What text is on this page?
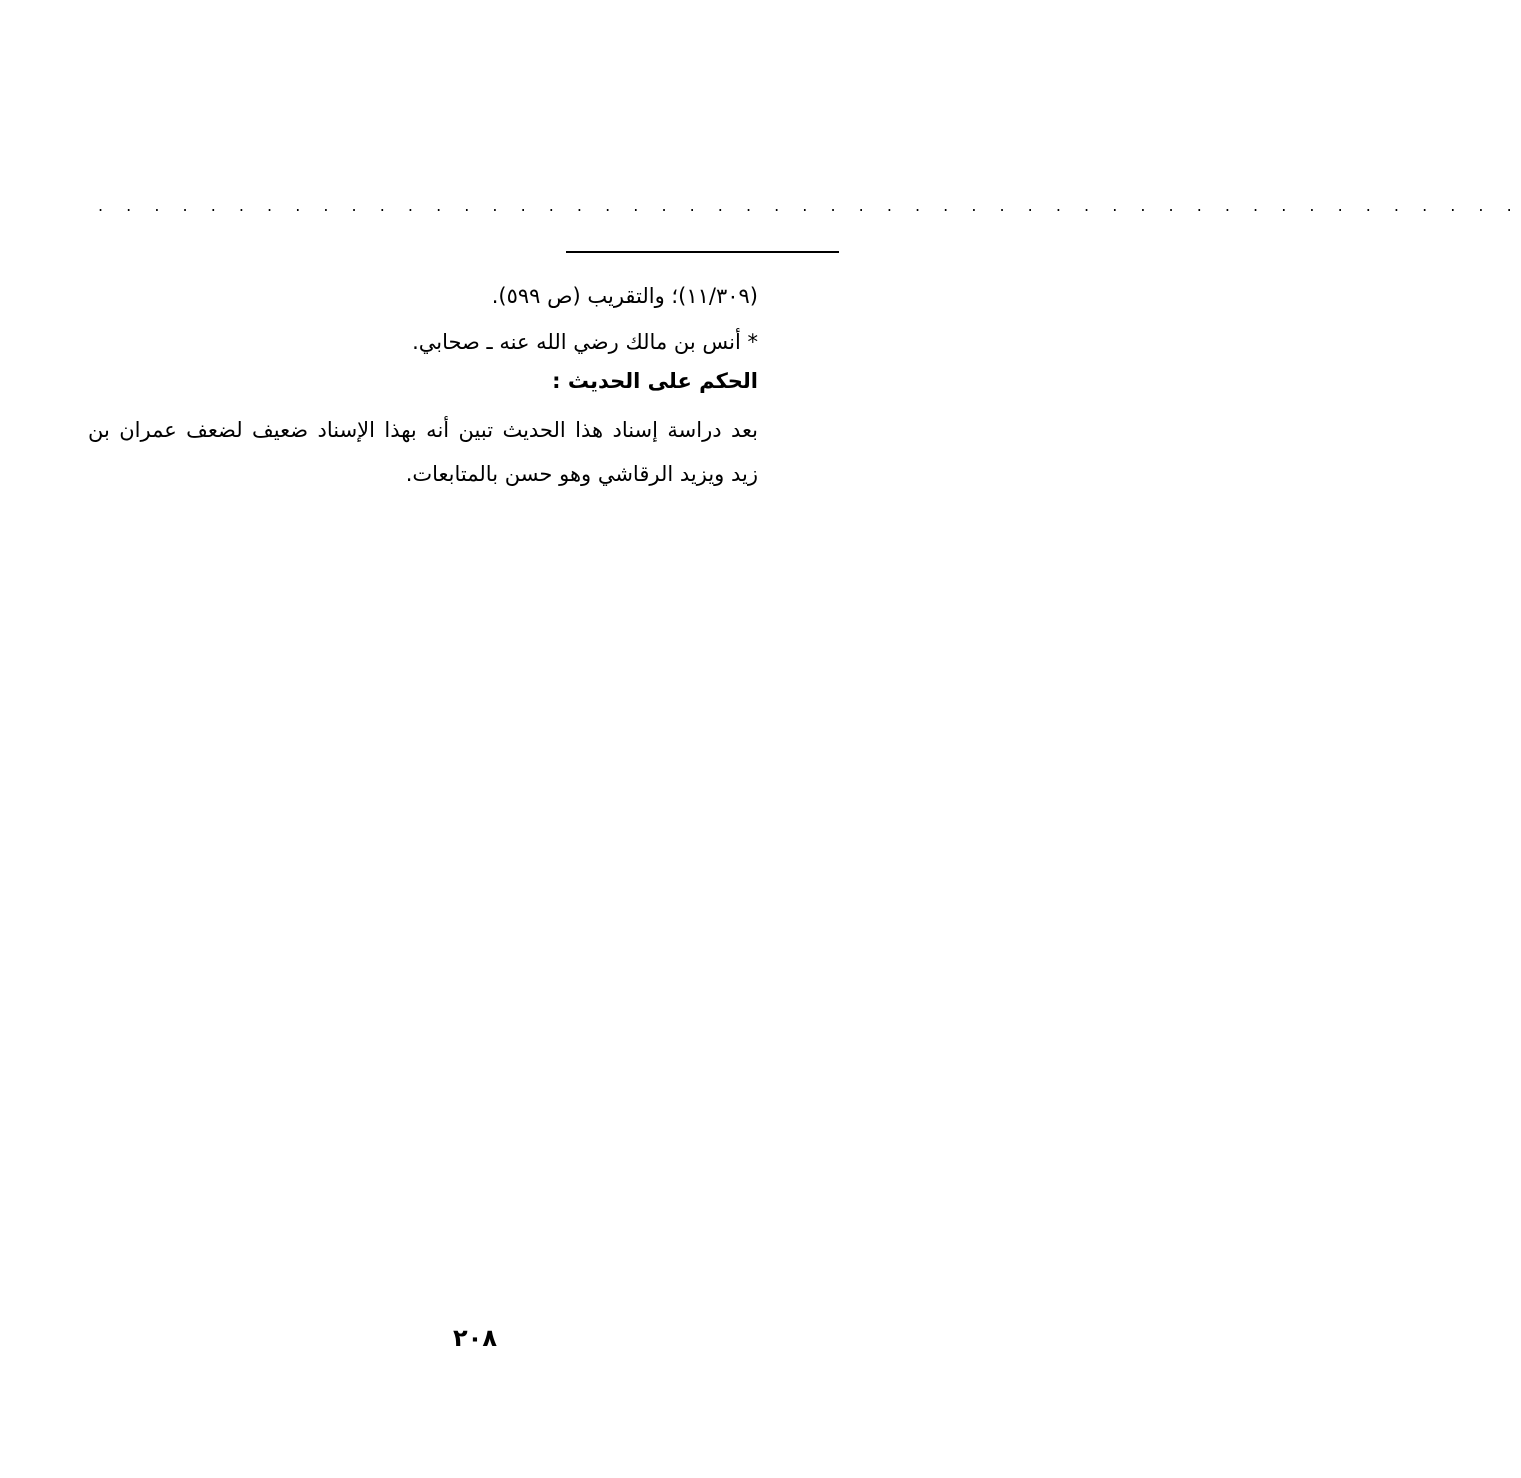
. . . . . . . . . . . . . . . . . . . . . . . . . . . . . . . . . . . . . . . . . . . . . . . . . . .
(١١/٣٠٩)؛ والتقريب (ص ٥٩٩).
* أنس بن مالك رضي الله عنه ـ صحابي.
الحكم على الحديث :
بعد دراسة إسناد هذا الحديث تبين أنه بهذا الإسناد ضعيف لضعف عمران بن
زيد ويزيد الرقاشي وهو حسن بالمتابعات.
٢٠٨
